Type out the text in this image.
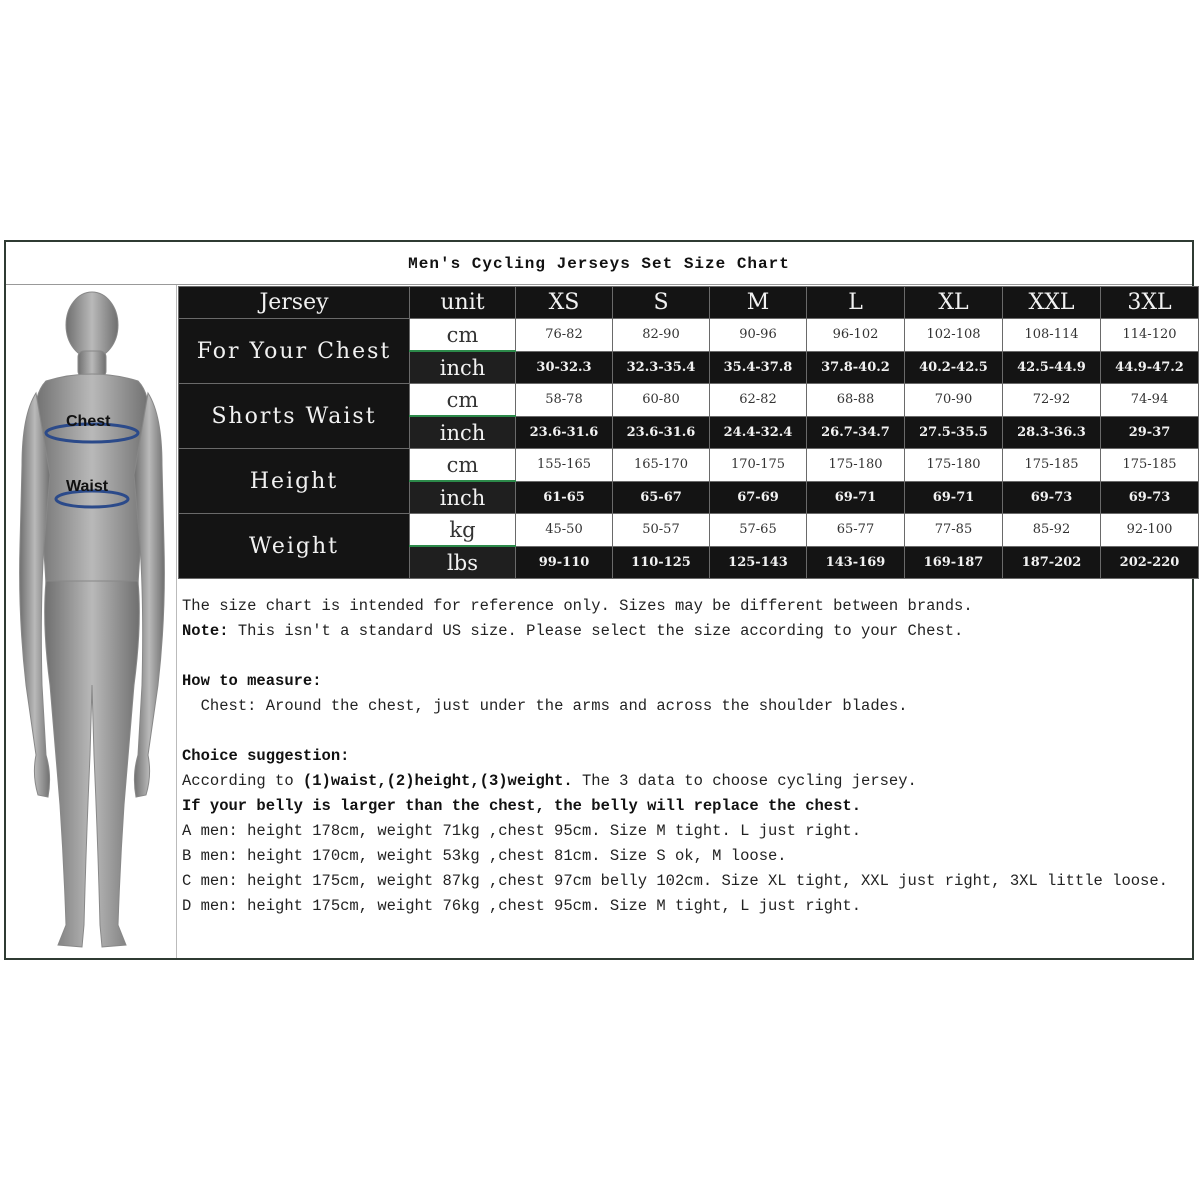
Men's Cycling Jerseys Set Size Chart
Chest
Waist
Jersey	unit	XS	S	M	L	XL	XXL	3XL
For Your Chest	cm	76-82	82-90	90-96	96-102	102-108	108-114	114-120
	inch	30-32.3	32.3-35.4	35.4-37.8	37.8-40.2	40.2-42.5	42.5-44.9	44.9-47.2
Shorts Waist	cm	58-78	60-80	62-82	68-88	70-90	72-92	74-94
	inch	23.6-31.6	23.6-31.6	24.4-32.4	26.7-34.7	27.5-35.5	28.3-36.3	29-37
Height	cm	155-165	165-170	170-175	175-180	175-180	175-185	175-185
	inch	61-65	65-67	67-69	69-71	69-71	69-73	69-73
Weight	kg	45-50	50-57	57-65	65-77	77-85	85-92	92-100
	lbs	99-110	110-125	125-143	143-169	169-187	187-202	202-220

The size chart is intended for reference only. Sizes may be different between brands.

Note: This isn't a standard US size. Please select the size according to your Chest.

How to measure:

Chest: Around the chest, just under the arms and across the shoulder blades.

Choice suggestion:

According to (1)waist,(2)height,(3)weight. The 3 data to choose cycling jersey.

If your belly is larger than the chest, the belly will replace the chest.

A men: height 178cm, weight 71kg ,chest 95cm. Size M tight. L just right.

B men: height 170cm, weight 53kg ,chest 81cm. Size S ok, M loose.

C men: height 175cm, weight 87kg ,chest 97cm belly 102cm. Size XL tight, XXL just right, 3XL little loose.

D men: height 175cm, weight 76kg ,chest 95cm. Size M tight, L just right.
